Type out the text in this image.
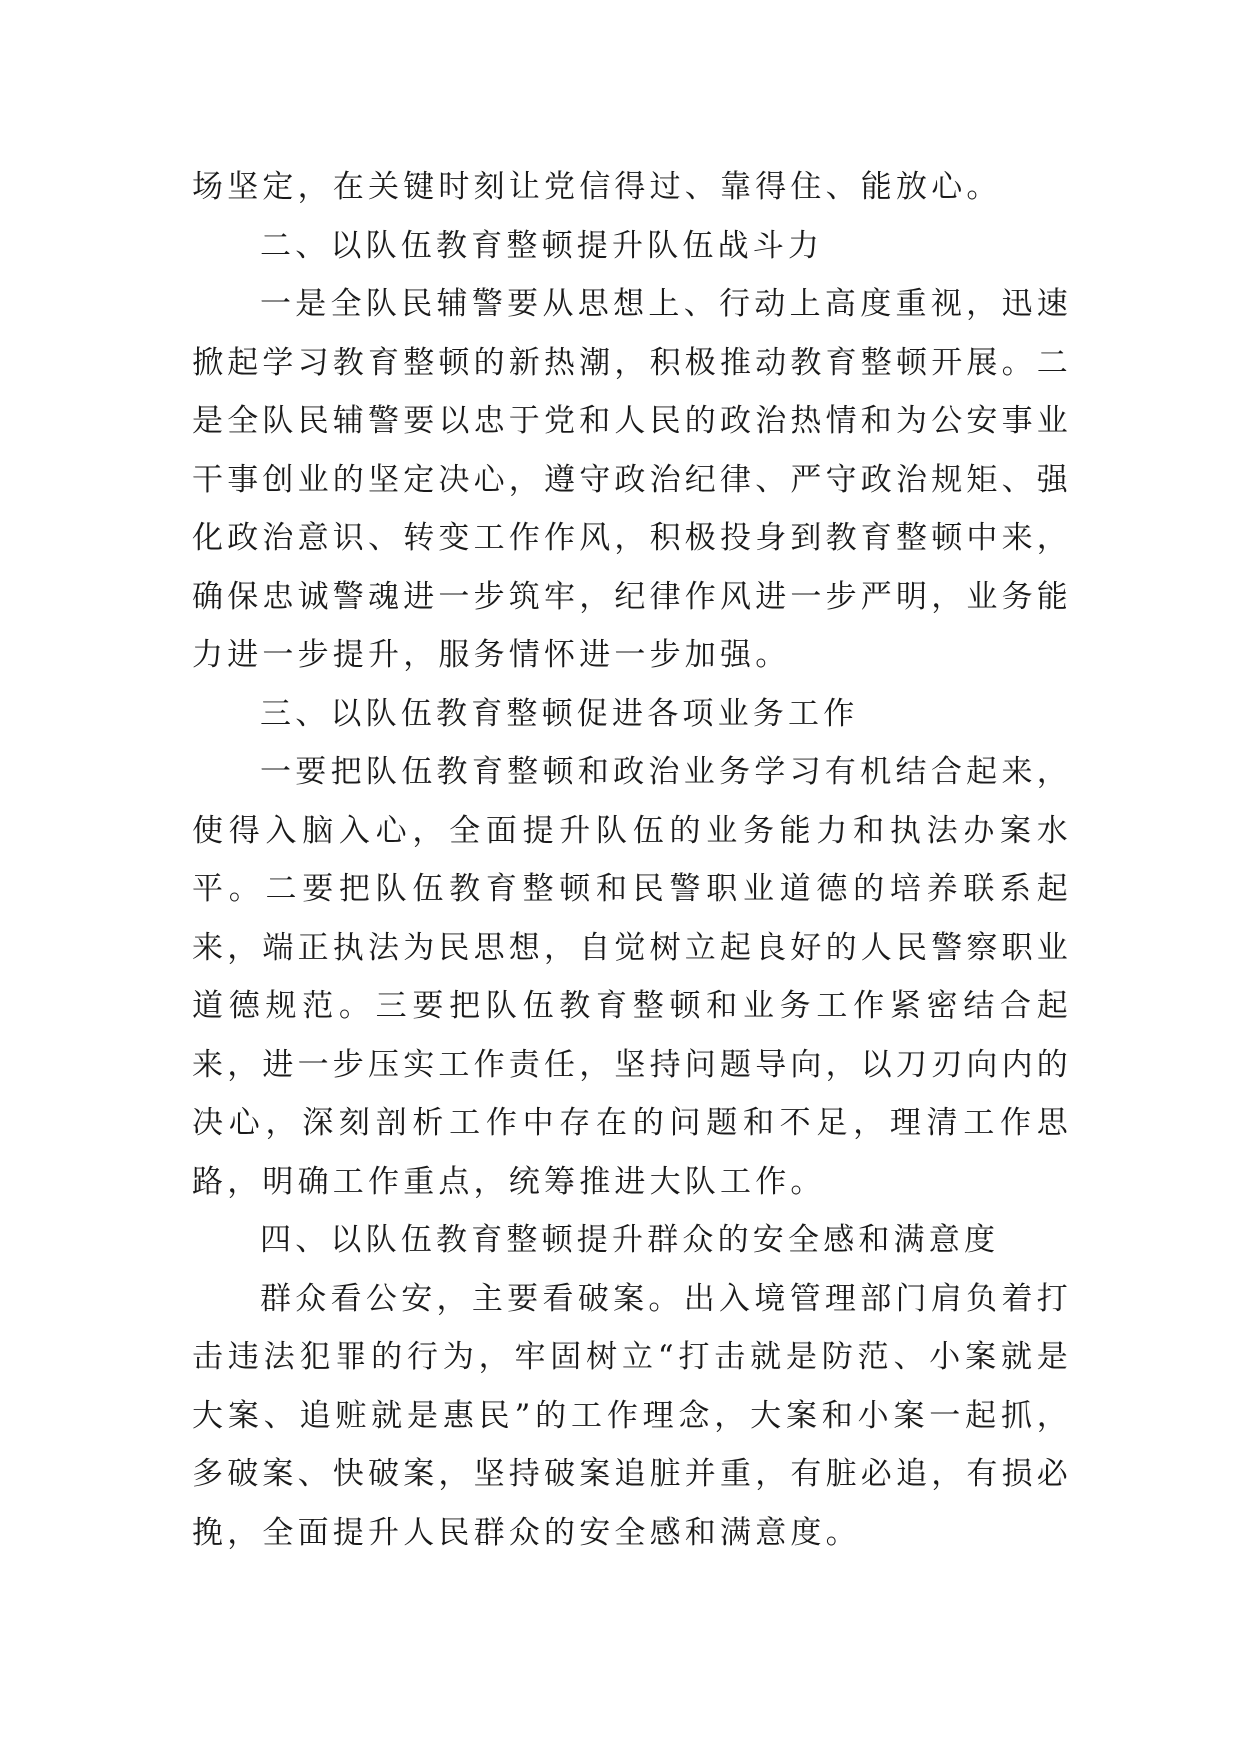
场坚定，在关键时刻让党信得过、靠得住、能放心。

二、以队伍教育整顿提升队伍战斗力

一是全队民辅警要从思想上、行动上高度重视，迅速掀起学习教育整顿的新热潮，积极推动教育整顿开展。二是全队民辅警要以忠于党和人民的政治热情和为公安事业干事创业的坚定决心，遵守政治纪律、严守政治规矩、强化政治意识、转变工作作风，积极投身到教育整顿中来，确保忠诚警魂进一步筑牢，纪律作风进一步严明，业务能力进一步提升，服务情怀进一步加强。

三、以队伍教育整顿促进各项业务工作

一要把队伍教育整顿和政治业务学习有机结合起来，使得入脑入心，全面提升队伍的业务能力和执法办案水平。二要把队伍教育整顿和民警职业道德的培养联系起来，端正执法为民思想，自觉树立起良好的人民警察职业道德规范。三要把队伍教育整顿和业务工作紧密结合起来，进一步压实工作责任，坚持问题导向，以刀刃向内的决心，深刻剖析工作中存在的问题和不足，理清工作思路，明确工作重点，统筹推进大队工作。

四、以队伍教育整顿提升群众的安全感和满意度

群众看公安，主要看破案。出入境管理部门肩负着打击违法犯罪的行为，牢固树立“打击就是防范、小案就是大案、追赃就是惠民”的工作理念，大案和小案一起抓，多破案、快破案，坚持破案追脏并重，有脏必追，有损必挽，全面提升人民群众的安全感和满意度。
